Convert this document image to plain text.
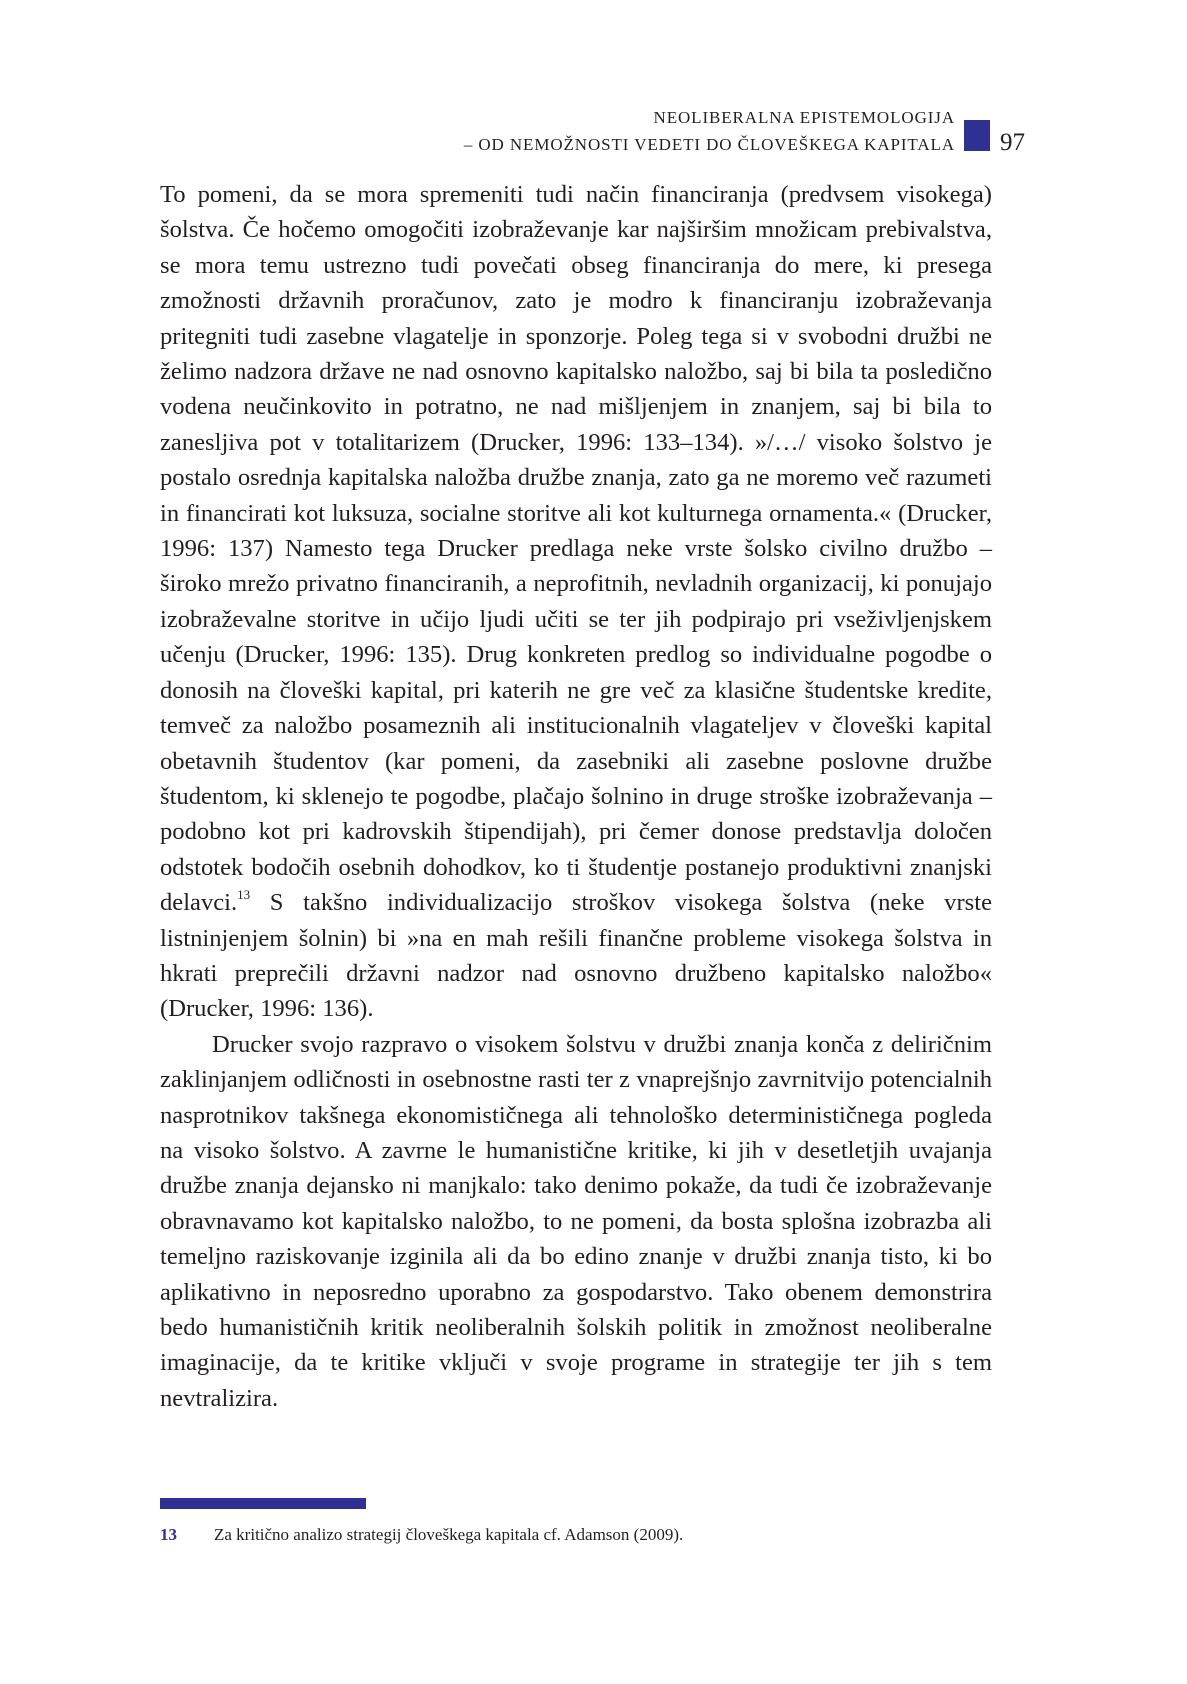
NEOLIBERALNA EPISTEMOLOGIJA
– OD NEMOŽNOSTI VEDETI DO ČLOVEŠKEGA KAPITALA 97

To pomeni, da se mora spremeniti tudi način financiranja (predvsem visokega) šolstva. Če hočemo omogočiti izobraževanje kar najširšim množicam prebivalstva, se mora temu ustrezno tudi povečati obseg financiranja do mere, ki presega zmožnosti državnih proračunov, zato je modro k financiranju izobraževanja pritegniti tudi zasebne vlagatelje in sponzorje. Poleg tega si v svobodni družbi ne želimo nadzora države ne nad osnovno kapitalsko naložbo, saj bi bila ta posledično vodena neučinkovito in potratno, ne nad mišljenjem in znanjem, saj bi bila to zanesljiva pot v totalitarizem (Drucker, 1996: 133–134). »/…/ visoko šolstvo je postalo osrednja kapitalska naložba družbe znanja, zato ga ne moremo več razumeti in financirati kot luksuza, socialne storitve ali kot kulturnega ornamenta.« (Drucker, 1996: 137) Namesto tega Drucker predlaga neke vrste šolsko civilno družbo – široko mrežo privatno financiranih, a neprofitnih, nevladnih organizacij, ki ponujajo izobraževalne storitve in učijo ljudi učiti se ter jih podpirajo pri vseživljenjskem učenju (Drucker, 1996: 135). Drug konkreten predlog so individualne pogodbe o donosih na človeški kapital, pri katerih ne gre več za klasične študentske kredite, temveč za naložbo posameznih ali institucionalnih vlagateljev v človeški kapital obetavnih študentov (kar pomeni, da zasebniki ali zasebne poslovne družbe študentom, ki sklenejo te pogodbe, plačajo šolnino in druge stroške izobraževanja – podobno kot pri kadrovskih štipendijah), pri čemer donose predstavlja določen odstotek bodočih osebnih dohodkov, ko ti študentje postanejo produktivni znanjski delavci.$^{13}$ S takšno individualizacijo stroškov visokega šolstva (neke vrste listninjenjem šolnin) bi »na en mah rešili finančne probleme visokega šolstva in hkrati preprečili državni nadzor nad osnovno družbeno kapitalsko naložbo« (Drucker, 1996: 136).

Drucker svojo razpravo o visokem šolstvu v družbi znanja konča z deliričnim zaklinjanjem odličnosti in osebnostne rasti ter z vnaprejšnjo zavrnitvijo potencialnih nasprotnikov takšnega ekonomističnega ali tehnološko determinističnega pogleda na visoko šolstvo. A zavrne le humanistične kritike, ki jih v desetletjih uvajanja družbe znanja dejansko ni manjkalo: tako denimo pokaže, da tudi če izobraževanje obravnavamo kot kapitalsko naložbo, to ne pomeni, da bosta splošna izobrazba ali temeljno raziskovanje izginila ali da bo edino znanje v družbi znanja tisto, ki bo aplikativno in neposredno uporabno za gospodarstvo. Tako obenem demonstrira bedo humanističnih kritik neoliberalnih šolskih politik in zmožnost neoliberalne imaginacije, da te kritike vključi v svoje programe in strategije ter jih s tem nevtralizira.

13 Za kritično analizo strategij človeškega kapitala cf. Adamson (2009).
